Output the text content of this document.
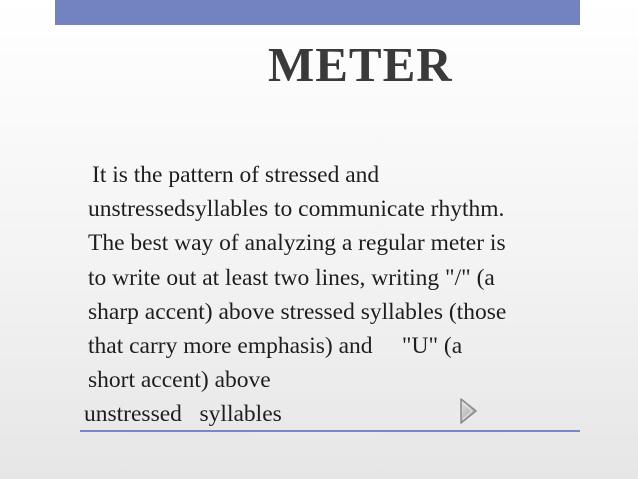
METER
It is the pattern of stressed and
unstressedsyllables to communicate rhythm.
The best way of analyzing a regular meter is
to write out at least two lines, writing "/" (a
sharp accent) above stressed syllables (those
that carry more emphasis) and     "U" (a
short accent) above
unstressed   syllables
